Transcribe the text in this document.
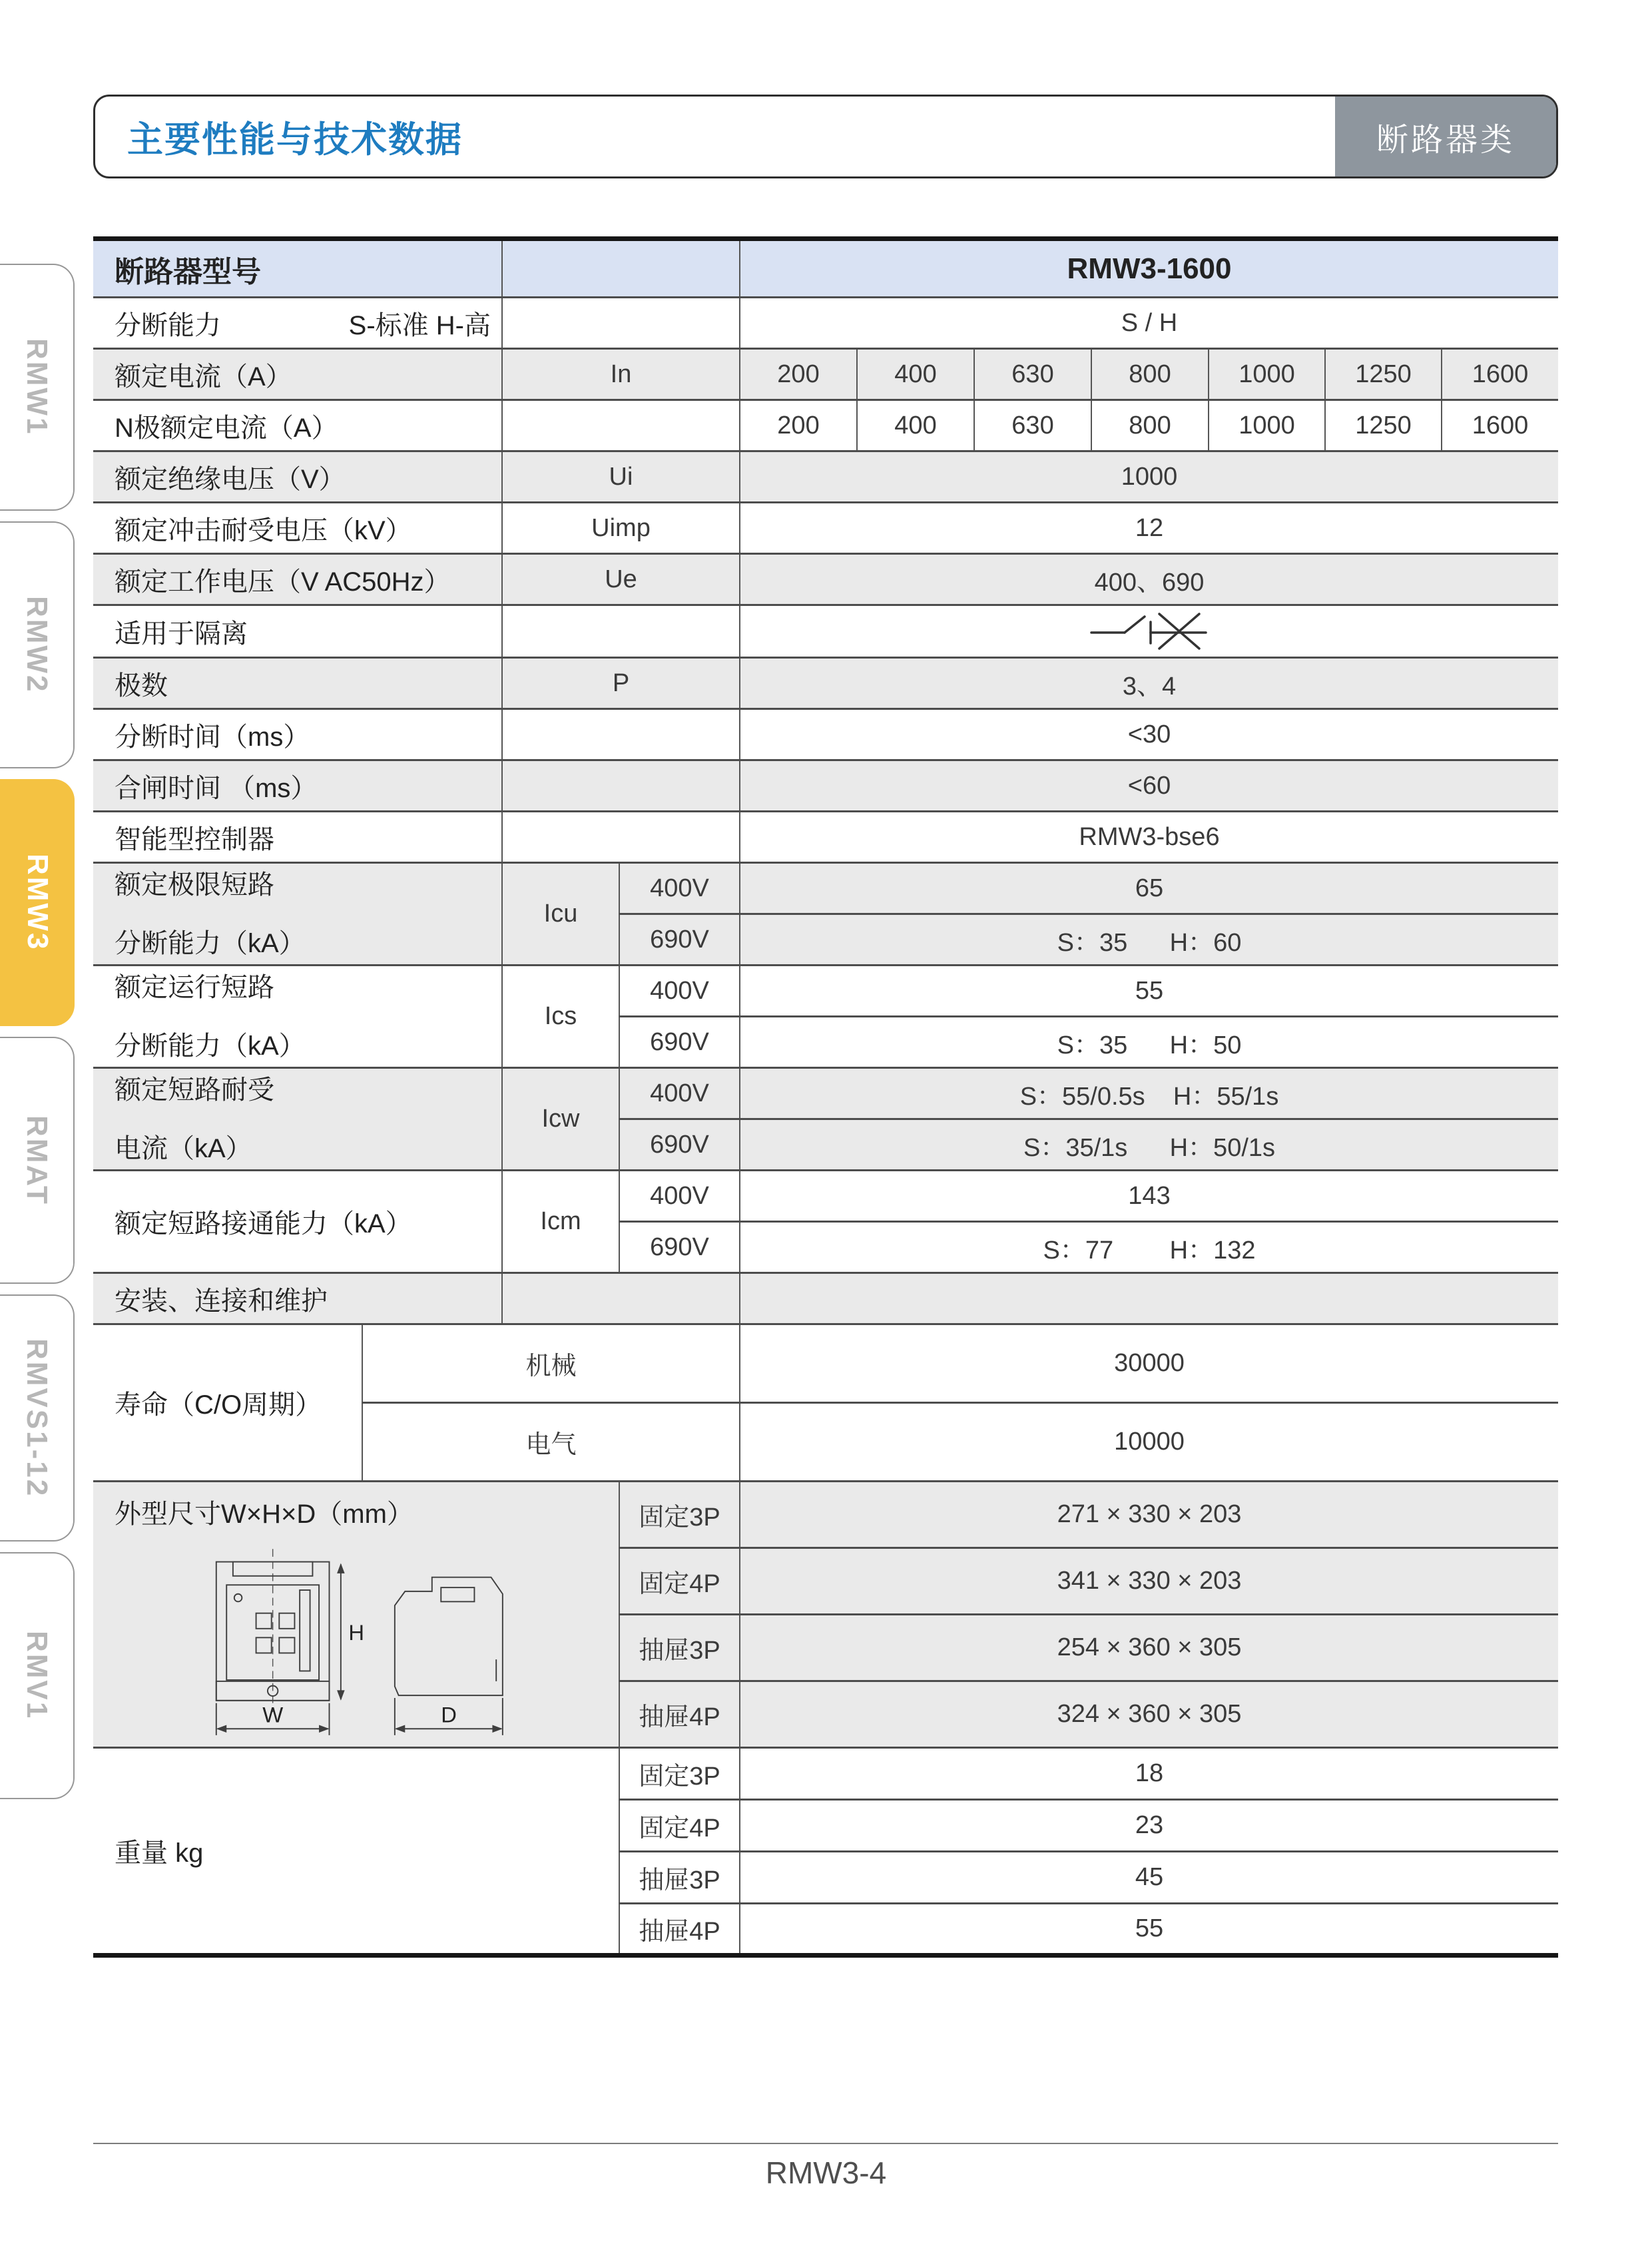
RMW1
RMW2
RMW3
RMAT
RMVS1-12
RMV1
主要性能与技术数据	断路器类
断路器型号				RMW3-1600						

分断能力 S-标准 H-高				S / H						
额定电流（A）		In		200	400	630	800	1000	1250	1600
N极额定电流（A）				200	400	630	800	1000	1250	1600
额定绝缘电压（V）		Ui		1000						
额定冲击耐受电压（kV）		Uimp		12						
额定工作电压（V AC50Hz）		Ue		400、690						
适用于隔离		
极数		P		3、4						
分断时间（ms）				<30						
合闸时间 （ms）				<60						
智能型控制器				RMW3-bse6						

额定极限短路
分断能力（kA）		Icu	400V	65						
			690V	S：35      H：60						

额定运行短路
分断能力（kA）		Ics	400V	55						
			690V	S：35      H：50						

额定短路耐受
电流（kA）		Icw	400V	S：55/0.5s    H：55/1s						
			690V	S：35/1s      H：50/1s						
额定短路接通能力（kA）		Icm	400V	143						
			690V	S：77        H：132						
安装、连接和维护										
寿命（C/O周期）	机械			30000						
	电气			10000						

外型尺寸W×H×D（mm）
H
W D			固定3P	271 × 330 × 203						
			固定4P	341 × 330 × 203						
			抽屉3P	254 × 360 × 305						
			抽屉4P	324 × 360 × 305						
重量 kg			固定3P	18						
			固定4P	23						
			抽屉3P	45						
			抽屉4P	55						
RMW3-4
